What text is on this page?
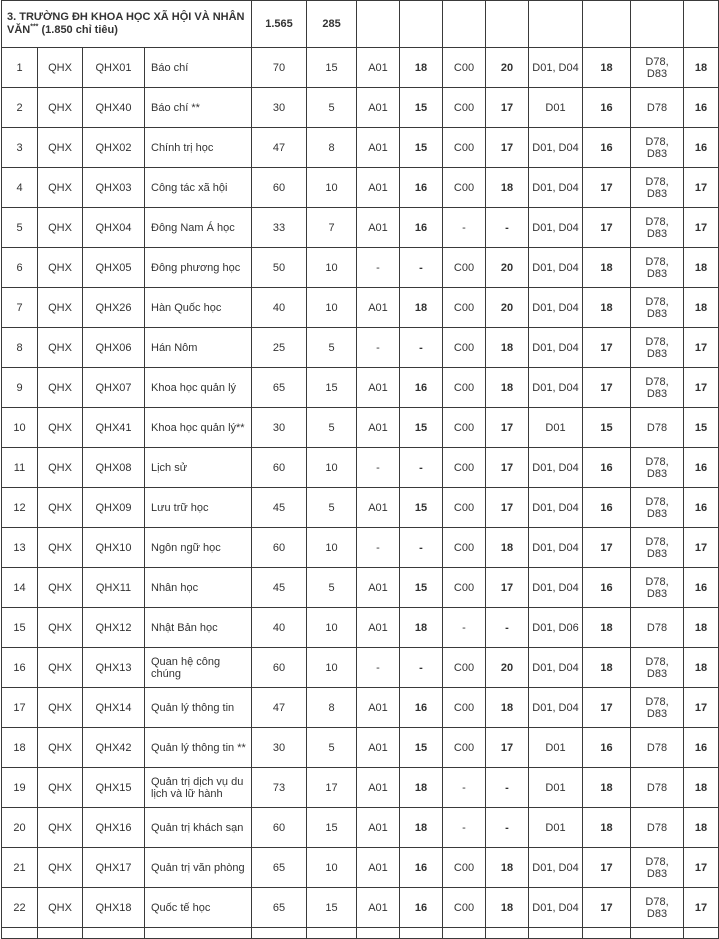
3. TRƯỜNG ĐH KHOA HỌC XÃ HỘI VÀ NHÂN VĂN*** (1.850 chỉ tiêu)				1.565	285								
1	QHX	QHX01	Báo chí	70	15	A01	18	C00	20	D01, D04	18	D78, D83	18
2	QHX	QHX40	Báo chí **	30	5	A01	15	C00	17	D01	16	D78	16
3	QHX	QHX02	Chính trị học	47	8	A01	15	C00	17	D01, D04	16	D78, D83	16
4	QHX	QHX03	Công tác xã hội	60	10	A01	16	C00	18	D01, D04	17	D78, D83	17
5	QHX	QHX04	Đông Nam Á học	33	7	A01	16	-	-	D01, D04	17	D78, D83	17
6	QHX	QHX05	Đông phương học	50	10	-	-	C00	20	D01, D04	18	D78, D83	18
7	QHX	QHX26	Hàn Quốc học	40	10	A01	18	C00	20	D01, D04	18	D78, D83	18
8	QHX	QHX06	Hán Nôm	25	5	-	-	C00	18	D01, D04	17	D78, D83	17
9	QHX	QHX07	Khoa học quản lý	65	15	A01	16	C00	18	D01, D04	17	D78, D83	17
10	QHX	QHX41	Khoa học quản lý**	30	5	A01	15	C00	17	D01	15	D78	15
11	QHX	QHX08	Lịch sử	60	10	-	-	C00	17	D01, D04	16	D78, D83	16
12	QHX	QHX09	Lưu trữ học	45	5	A01	15	C00	17	D01, D04	16	D78, D83	16
13	QHX	QHX10	Ngôn ngữ học	60	10	-	-	C00	18	D01, D04	17	D78, D83	17
14	QHX	QHX11	Nhân học	45	5	A01	15	C00	17	D01, D04	16	D78, D83	16
15	QHX	QHX12	Nhật Bản học	40	10	A01	18	-	-	D01, D06	18	D78	18
16	QHX	QHX13	Quan hệ công chúng	60	10	-	-	C00	20	D01, D04	18	D78, D83	18
17	QHX	QHX14	Quản lý thông tin	47	8	A01	16	C00	18	D01, D04	17	D78, D83	17
18	QHX	QHX42	Quản lý thông tin **	30	5	A01	15	C00	17	D01	16	D78	16
19	QHX	QHX15	Quản trị dịch vụ du lịch và lữ hành	73	17	A01	18	-	-	D01	18	D78	18
20	QHX	QHX16	Quản trị khách sạn	60	15	A01	18	-	-	D01	18	D78	18
21	QHX	QHX17	Quản trị văn phòng	65	10	A01	16	C00	18	D01, D04	17	D78, D83	17
22	QHX	QHX18	Quốc tế học	65	15	A01	16	C00	18	D01, D04	17	D78, D83	17
